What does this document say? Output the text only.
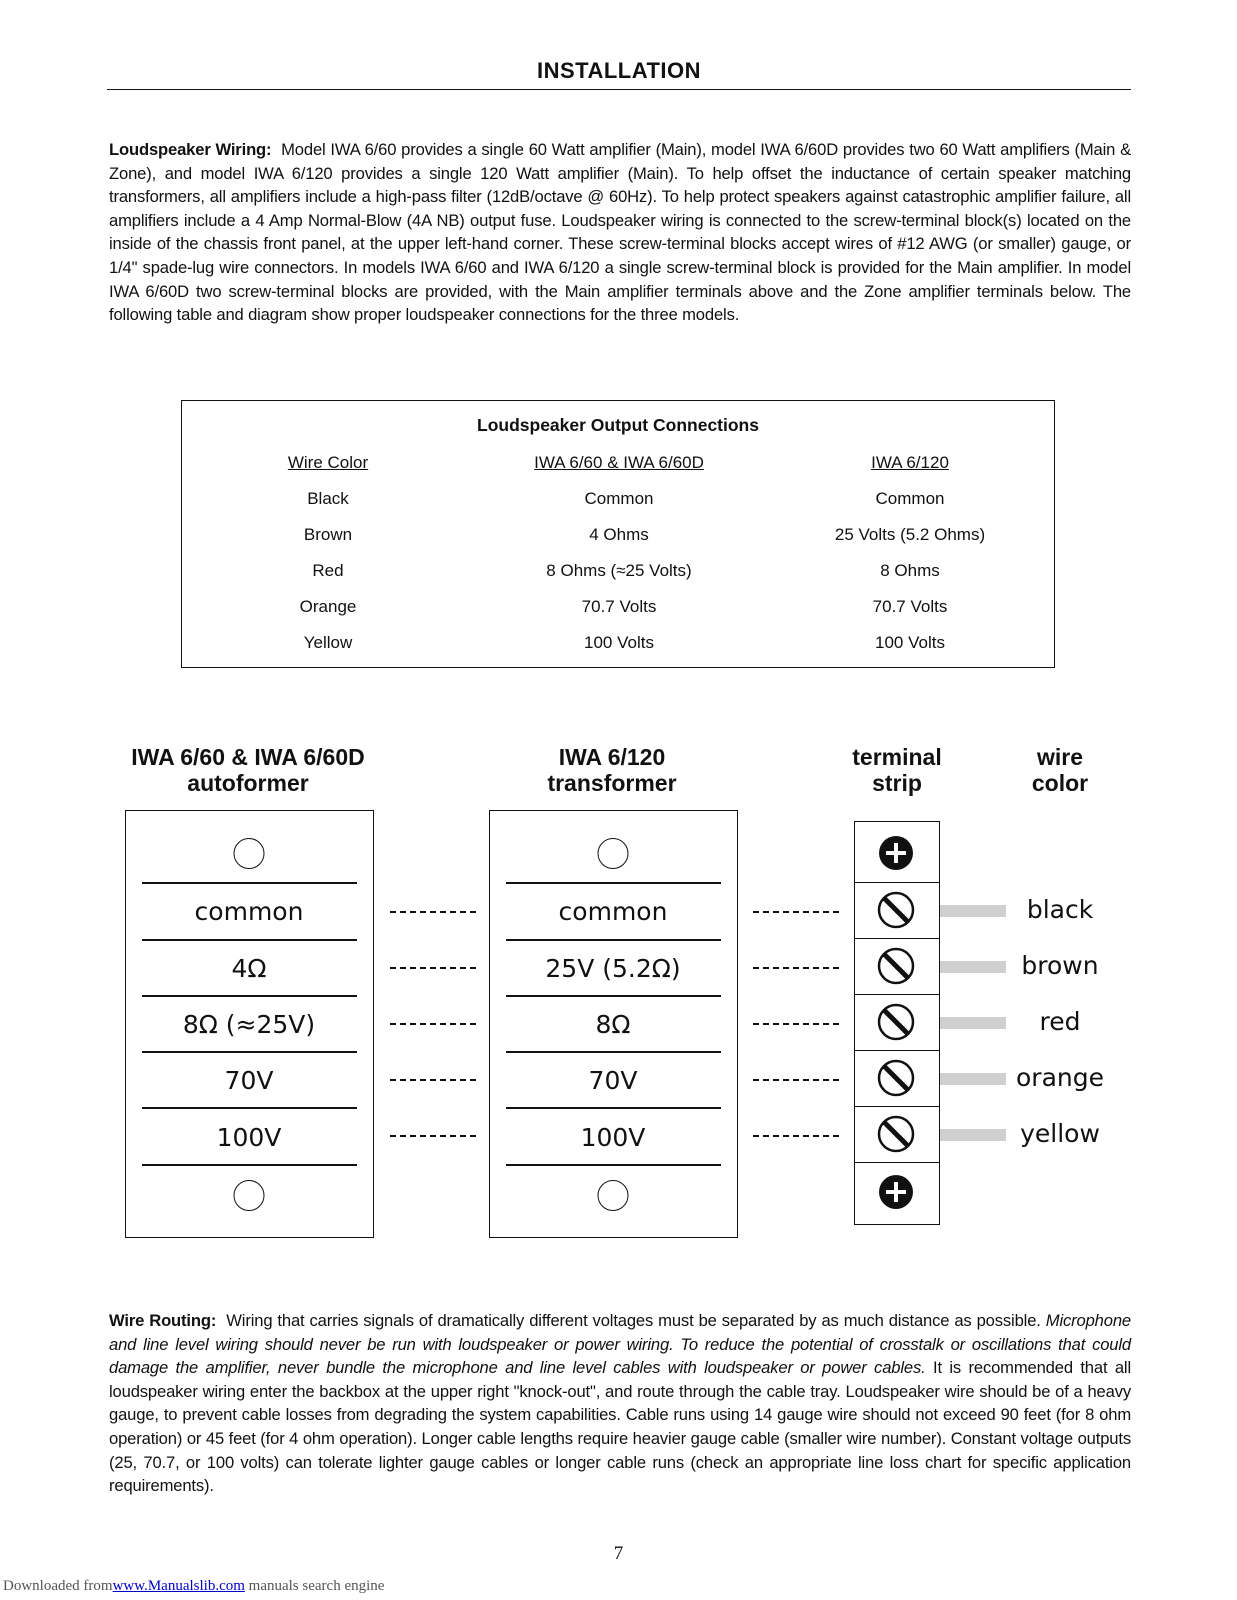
INSTALLATION
Loudspeaker Wiring: Model IWA 6/60 provides a single 60 Watt amplifier (Main), model IWA 6/60D provides two 60 Watt amplifiers (Main & Zone), and model IWA 6/120 provides a single 120 Watt amplifier (Main). To help offset the inductance of certain speaker matching transformers, all amplifiers include a high-pass filter (12dB/octave @ 60Hz). To help protect speakers against catastrophic amplifier failure, all amplifiers include a 4 Amp Normal-Blow (4A NB) output fuse. Loudspeaker wiring is connected to the screw-terminal block(s) located on the inside of the chassis front panel, at the upper left-hand corner. These screw-terminal blocks accept wires of #12 AWG (or smaller) gauge, or 1/4" spade-lug wire connectors. In models IWA 6/60 and IWA 6/120 a single screw-terminal block is provided for the Main amplifier. In model IWA 6/60D two screw-terminal blocks are provided, with the Main amplifier terminals above and the Zone amplifier terminals below. The following table and diagram show proper loudspeaker connections for the three models.
Loudspeaker Output Connections
Wire Color	IWA 6/60 & IWA 6/60D	IWA 6/120
Black	Common	Common
Brown	4 Ohms	25 Volts (5.2 Ohms)
Red	8 Ohms (≈25 Volts)	8 Ohms
Orange	70.7 Volts	70.7 Volts
Yellow	100 Volts	100 Volts
IWA 6/60 & IWA 6/60D
autoformer
IWA 6/120
transformer
terminal
strip
wire
color
common
4Ω
8Ω (≈25V)
70V
100V
common
25V (5.2Ω)
8Ω
70V
100V
black
brown
red
orange
yellow
Wire Routing: Wiring that carries signals of dramatically different voltages must be separated by as much distance as possible. Microphone and line level wiring should never be run with loudspeaker or power wiring. To reduce the potential of crosstalk or oscillations that could damage the amplifier, never bundle the microphone and line level cables with loudspeaker or power cables. It is recommended that all loudspeaker wiring enter the backbox at the upper right "knock-out", and route through the cable tray. Loudspeaker wire should be of a heavy gauge, to prevent cable losses from degrading the system capabilities. Cable runs using 14 gauge wire should not exceed 90 feet (for 8 ohm operation) or 45 feet (for 4 ohm operation). Longer cable lengths require heavier gauge cable (smaller wire number). Constant voltage outputs (25, 70.7, or 100 volts) can tolerate lighter gauge cables or longer cable runs (check an appropriate line loss chart for specific application requirements).
7
Downloaded fromwww.Manualslib.com manuals search engine
